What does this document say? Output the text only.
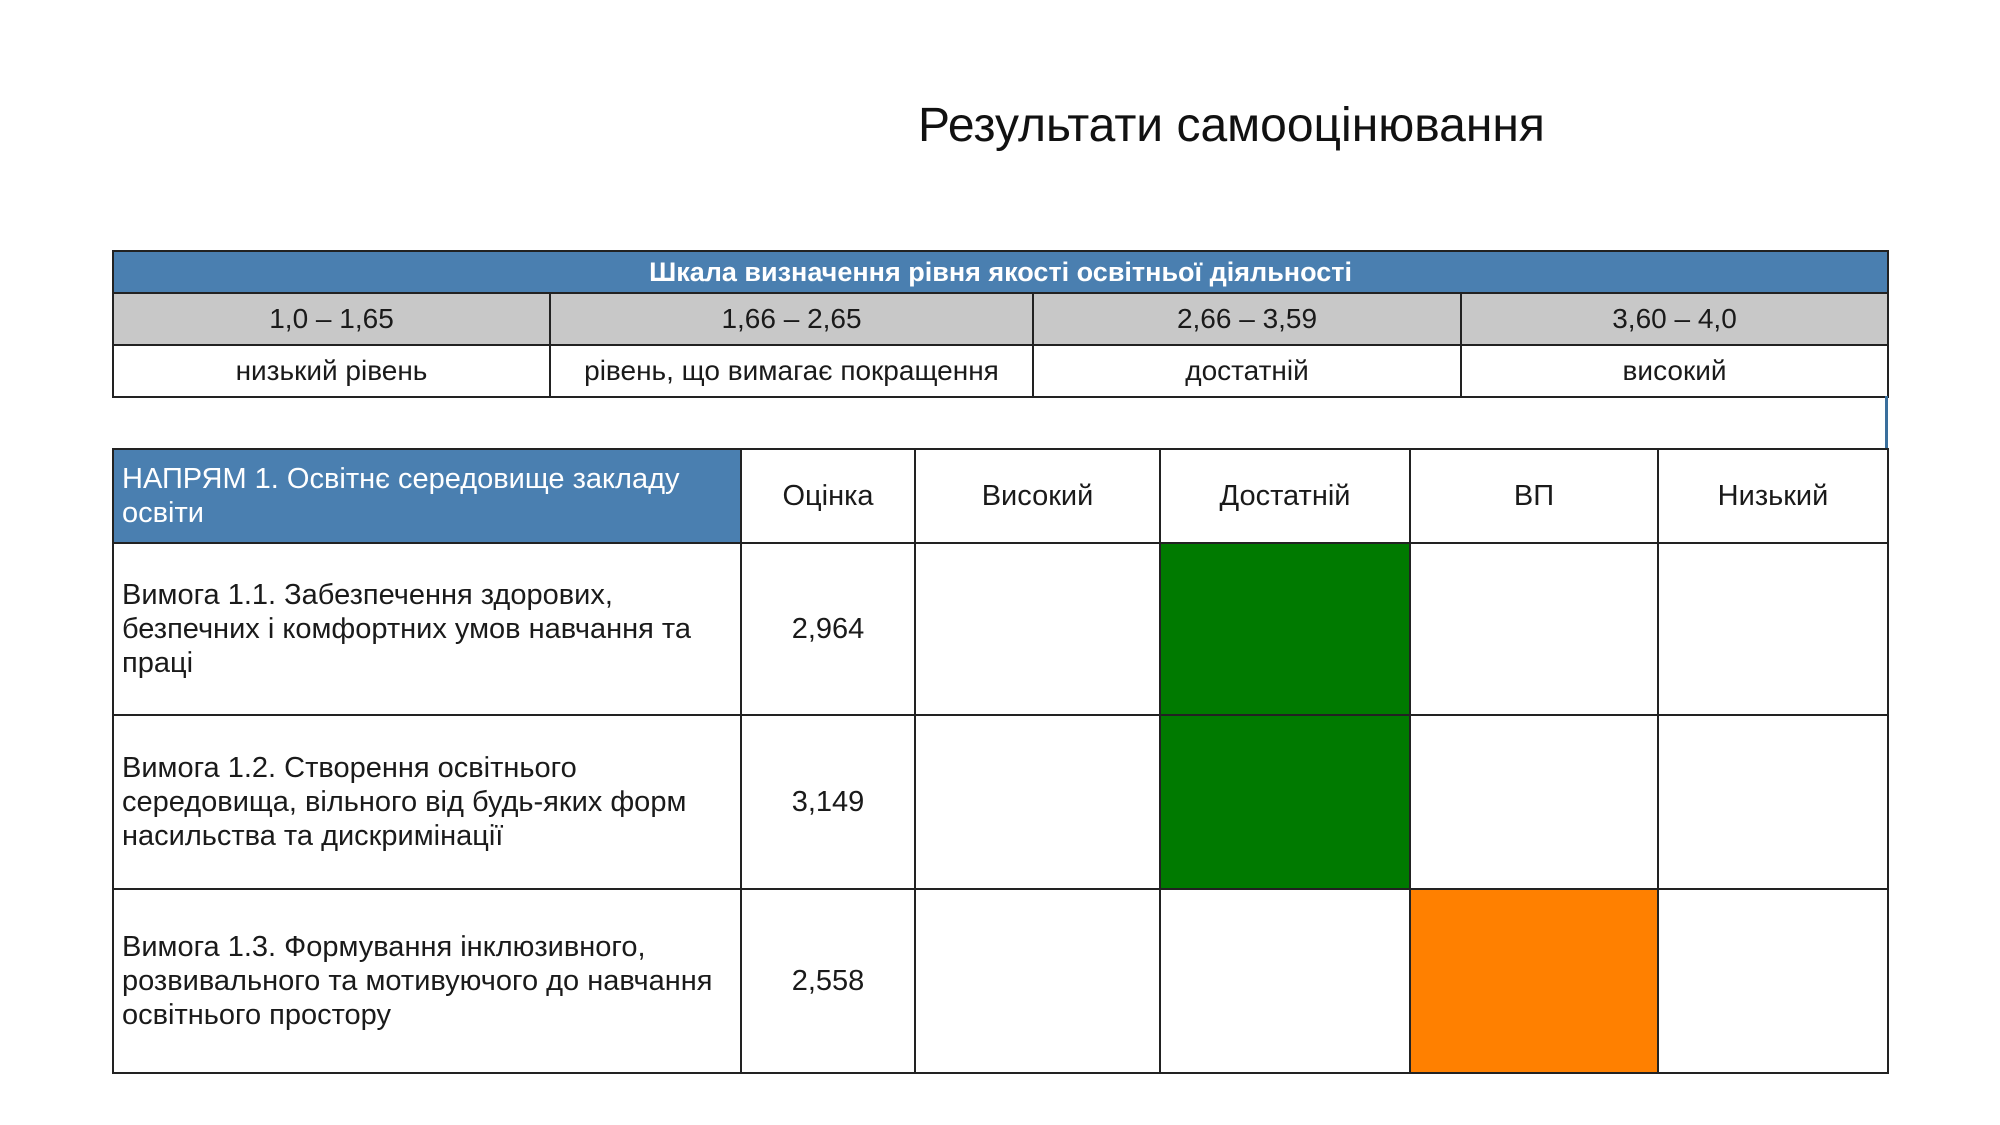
Результати самооцінювання
Шкала визначення рівня якості освітньої діяльності			
1,0 – 1,65	1,66 – 2,65	2,66 – 3,59	3,60 – 4,0
низький рівень	рівень, що вимагає покращення	достатній	високий
НАПРЯМ 1. Освітнє середовище закладу освіти	Оцінка	Високий	Достатній	ВП	Низький
Вимога 1.1. Забезпечення здорових, безпечних і комфортних умов навчання та праці	2,964				
Вимога 1.2. Створення освітнього середовища, вільного від будь-яких форм насильства та дискримінації	3,149				
Вимога 1.3. Формування інклюзивного, розвивального та мотивуючого до навчання освітнього простору	2,558				
